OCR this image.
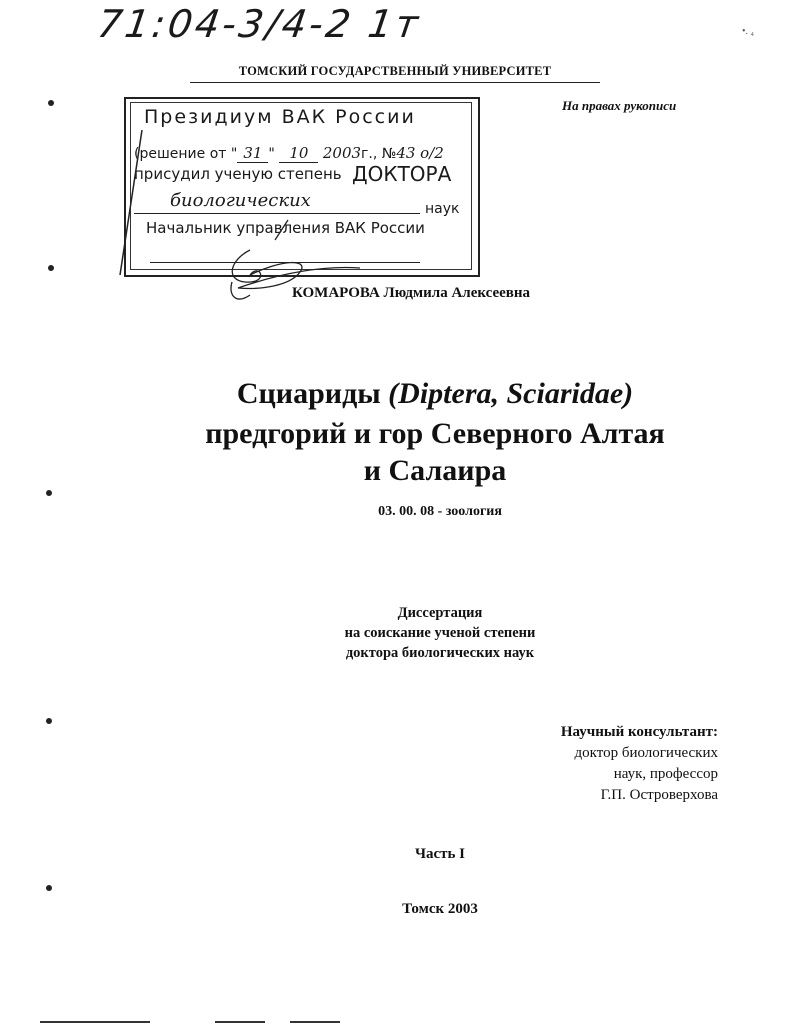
71:04-3/4-2 1т	•. ₄
ТОМСКИЙ ГОСУДАРСТВЕННЫЙ УНИВЕРСИТЕТ
На правах рукописи
Президиум ВАК России
(решение от " 31 " 10 2003г., №43 о/2
присудил ученую степень ДОКТОРА
биологических	наук
Начальник управления ВАК России
КОМАРОВА Людмила Алексеевна
Сциариды (Diptera, Sciaridae)
предгорий и гор Северного Алтая
и Салаира
03. 00. 08 - зоология
Диссертация
на соискание ученой степени
доктора биологических наук
Научный консультант:
доктор биологических
наук, профессор
Г.П. Островерхова
Часть I
Томск 2003
